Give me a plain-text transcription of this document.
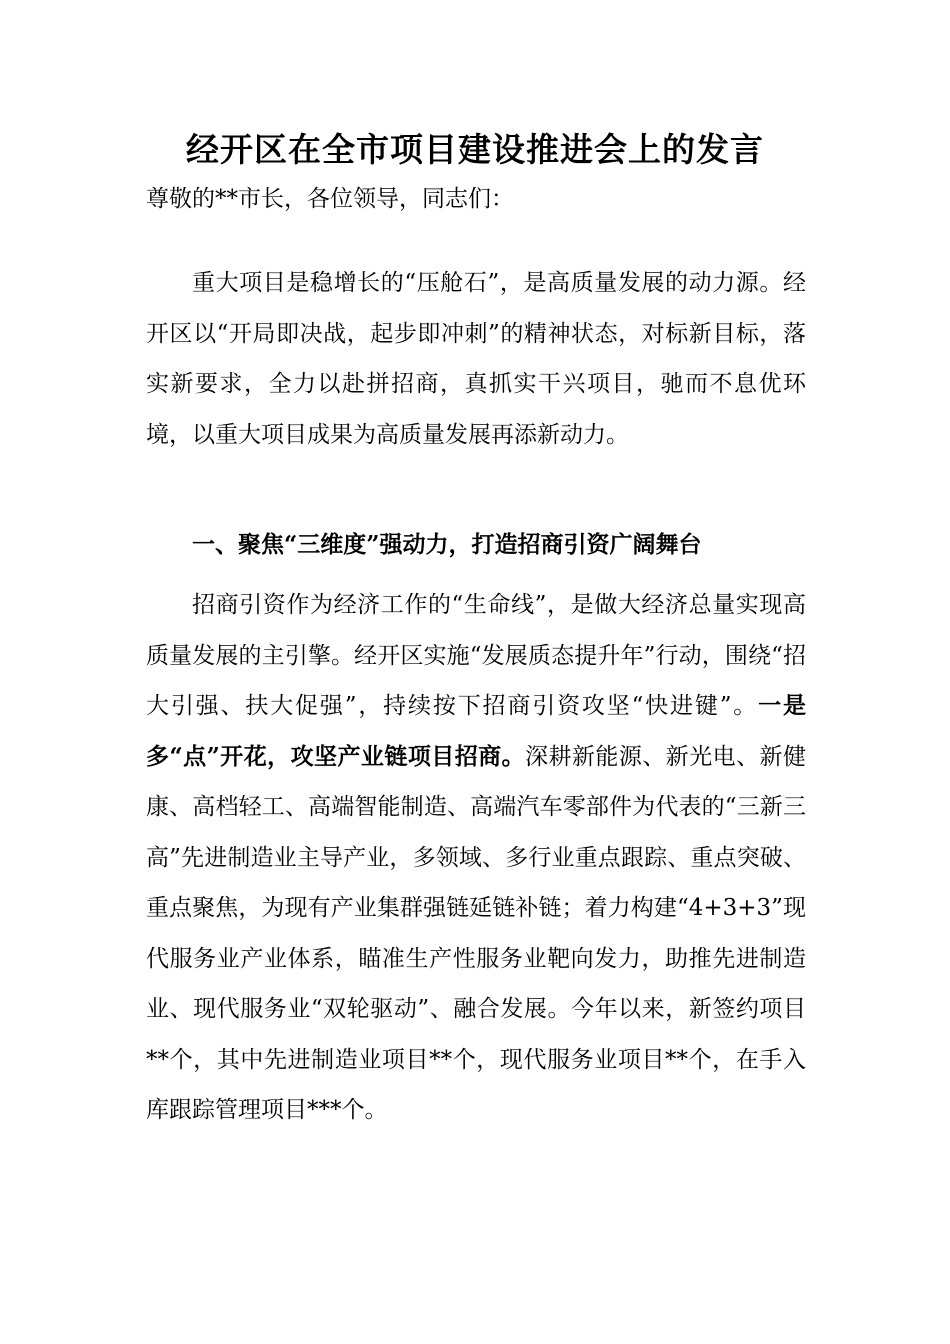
经开区在全市项目建设推进会上的发言
尊敬的**市长，各位领导，同志们：
重大项目是稳增长的“压舱石”，是高质量发展的动力源。经开区以“开局即决战，起步即冲刺”的精神状态，对标新目标，落实新要求，全力以赴拼招商，真抓实干兴项目，驰而不息优环境，以重大项目成果为高质量发展再添新动力。
一、聚焦“三维度”强动力，打造招商引资广阔舞台
招商引资作为经济工作的“生命线”，是做大经济总量实现高质量发展的主引擎。经开区实施“发展质态提升年”行动，围绕“招大引强、扶大促强”，持续按下招商引资攻坚“快进键”。一是多“点”开花，攻坚产业链项目招商。深耕新能源、新光电、新健康、高档轻工、高端智能制造、高端汽车零部件为代表的“三新三高”先进制造业主导产业，多领域、多行业重点跟踪、重点突破、重点聚焦，为现有产业集群强链延链补链；着力构建“4+3+3”现代服务业产业体系，瞄准生产性服务业靶向发力，助推先进制造业、现代服务业“双轮驱动”、融合发展。今年以来，新签约项目**个，其中先进制造业项目**个，现代服务业项目**个，在手入库跟踪管理项目***个。
